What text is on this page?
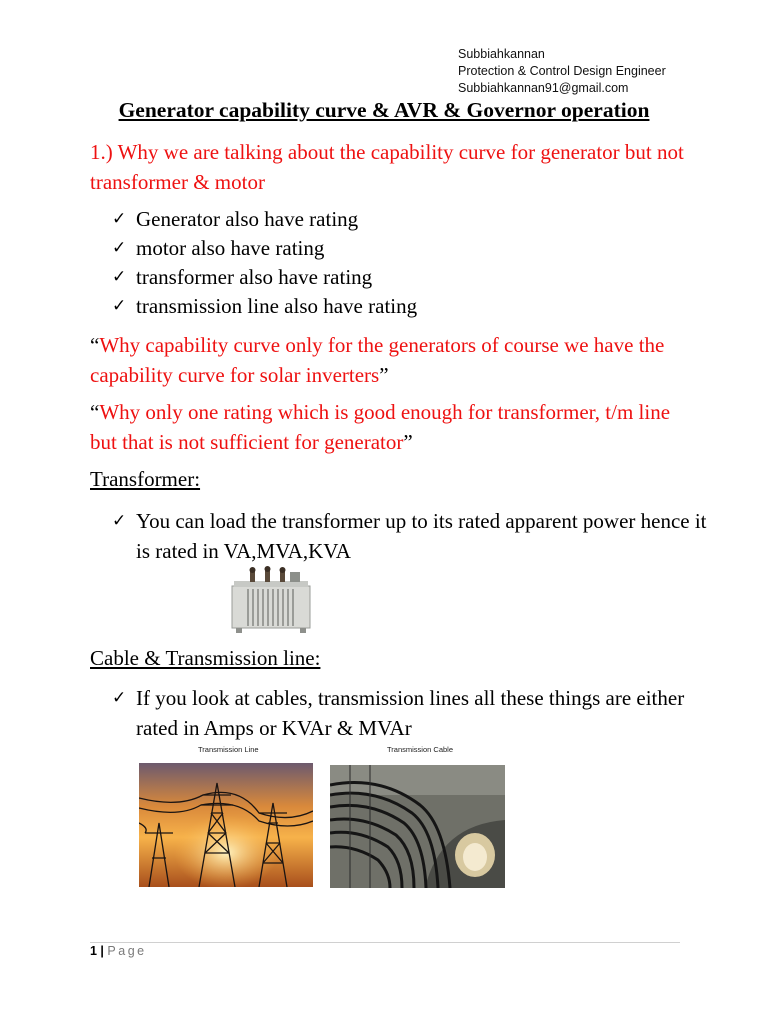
Subbiahkannan
Protection & Control Design Engineer
Subbiahkannan91@gmail.com
Generator capability curve & AVR & Governor operation
1.) Why we are talking about the capability curve for generator but not transformer & motor
✓ Generator also have rating
✓ motor also have rating
✓ transformer also have rating
✓ transmission line also have rating
“Why capability curve only for the generators of course we have the capability curve for solar inverters”
“Why only one rating which is good enough for transformer, t/m line but that is not sufficient for generator”
Transformer:
✓ You can load the transformer up to its rated apparent power hence it is rated in VA,MVA,KVA
Cable & Transmission line:
✓ If you look at cables, transmission lines all these things are either rated in Amps or KVAr & MVAr
Transmission Line	Transmission Cable
1 | Page
